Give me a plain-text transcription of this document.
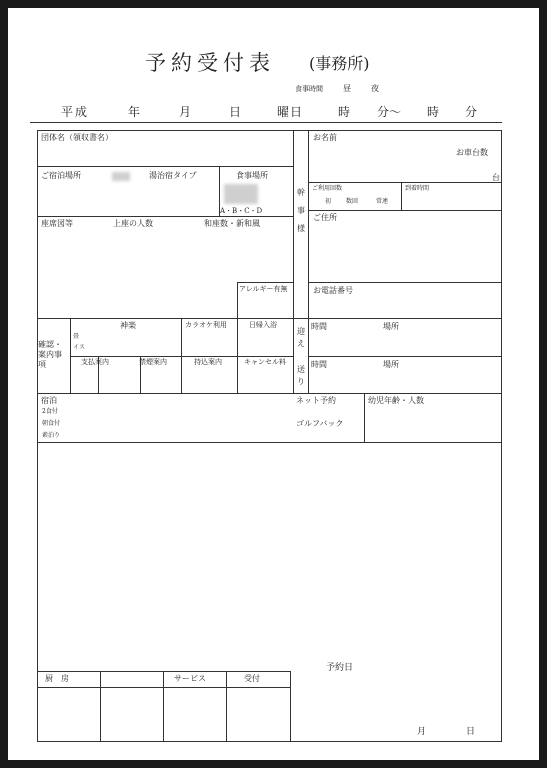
予約受付表 (事務所)
食事時間	昼	夜
平成	年	月	日	曜日	時 分〜 時 分
団体名（領収書名）
ご宿泊場所	湯治宿タイプ	食事場所
A・B・C・D
座席図等	上座の人数	和座数・新和風
アレルギー有無
幹事様
お名前
お車台数
台
ご利用回数
初 数回	常連
到着時間
ご住所
お電話番号
確認・案内事項
神楽
畳
イス
カラオケ利用	日帰入浴
支払案内	禁煙案内	持込案内	キャンセル料
迎え
送り
時間	場所
時間	場所
宿泊
2食付
朝食付
素泊り
ネット予約
ゴルフバック
幼児年齢・人数
予約日
厨　房	サービス	受付
月	日
